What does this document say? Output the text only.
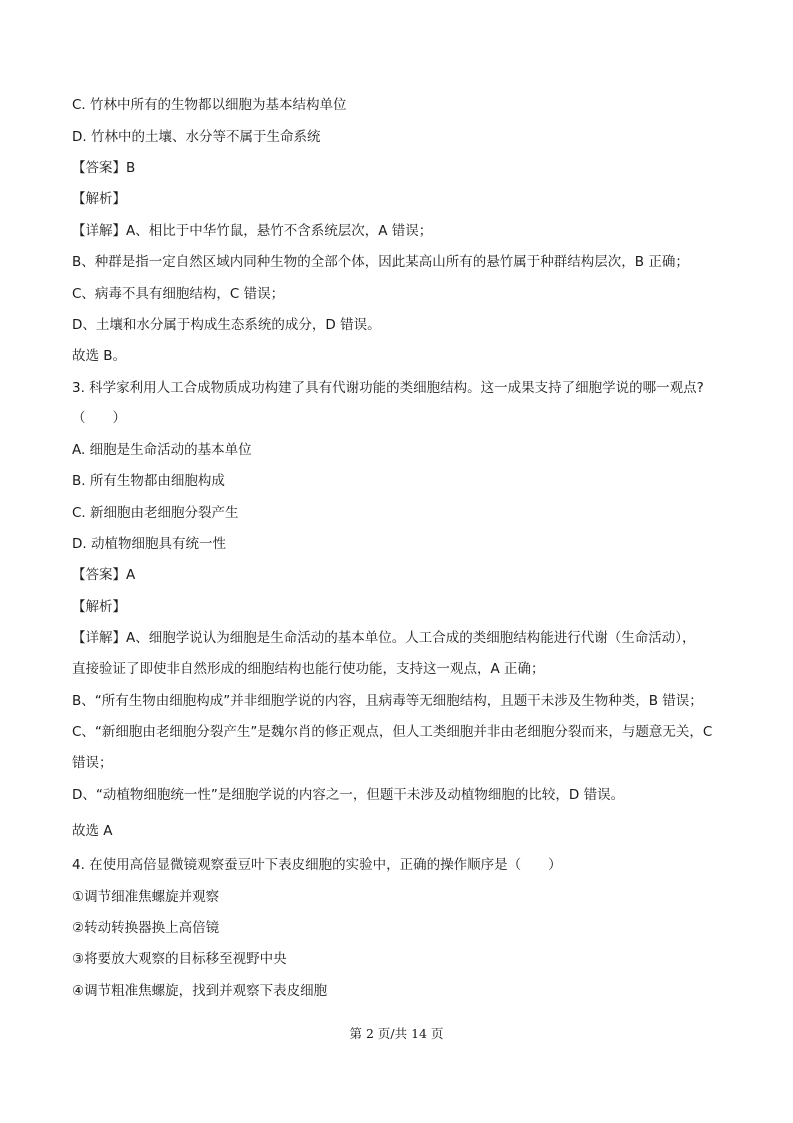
C. 竹林中所有的生物都以细胞为基本结构单位

D. 竹林中的土壤、水分等不属于生命系统

【答案】B

【解析】

【详解】A、相比于中华竹鼠，悬竹不含系统层次，A 错误；

B、种群是指一定自然区域内同种生物的全部个体，因此某高山所有的悬竹属于种群结构层次，B 正确；

C、病毒不具有细胞结构，C 错误；

D、土壤和水分属于构成生态系统的成分，D 错误。

故选 B。

3. 科学家利用人工合成物质成功构建了具有代谢功能的类细胞结构。这一成果支持了细胞学说的哪一观点?

（　　）

A. 细胞是生命活动的基本单位

B. 所有生物都由细胞构成

C. 新细胞由老细胞分裂产生

D. 动植物细胞具有统一性

【答案】A

【解析】

【详解】A、细胞学说认为细胞是生命活动的基本单位。人工合成的类细胞结构能进行代谢（生命活动），

直接验证了即使非自然形成的细胞结构也能行使功能，支持这一观点，A 正确；

B、“所有生物由细胞构成”并非细胞学说的内容，且病毒等无细胞结构，且题干未涉及生物种类，B 错误；

C、“新细胞由老细胞分裂产生”是魏尔肖的修正观点，但人工类细胞并非由老细胞分裂而来，与题意无关，C

错误；

D、“动植物细胞统一性”是细胞学说的内容之一，但题干未涉及动植物细胞的比较，D 错误。

故选 A

4. 在使用高倍显微镜观察蚕豆叶下表皮细胞的实验中，正确的操作顺序是（　　）

①调节细准焦螺旋并观察

②转动转换器换上高倍镜

③将要放大观察的目标移至视野中央

④调节粗准焦螺旋，找到并观察下表皮细胞

第 2 页/共 14 页
